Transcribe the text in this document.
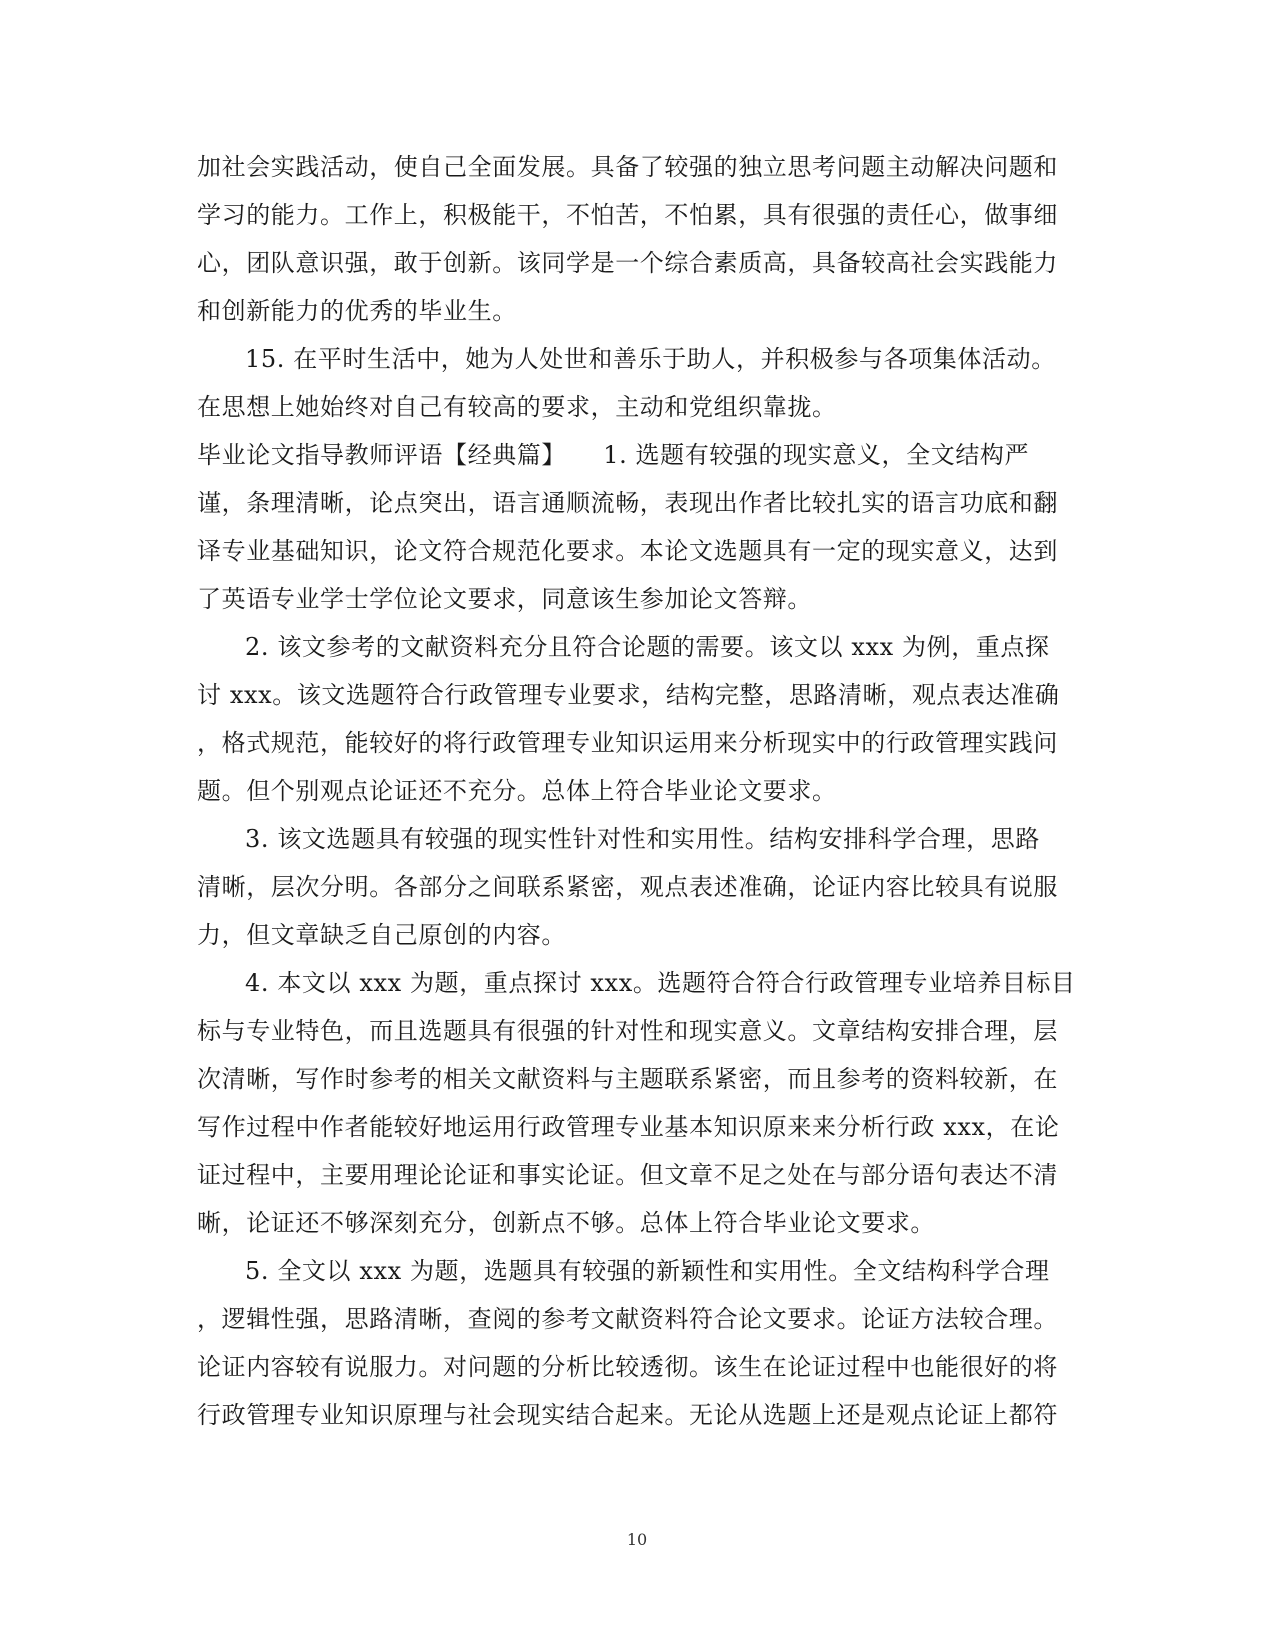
加社会实践活动，使自己全面发展。具备了较强的独立思考问题主动解决问题和
学习的能力。工作上，积极能干，不怕苦，不怕累，具有很强的责任心，做事细
心，团队意识强，敢于创新。该同学是一个综合素质高，具备较高社会实践能力
和创新能力的优秀的毕业生。
15. 在平时生活中，她为人处世和善乐于助人，并积极参与各项集体活动。
在思想上她始终对自己有较高的要求，主动和党组织靠拢。
毕业论文指导教师评语【经典篇】　　1. 选题有较强的现实意义，全文结构严
谨，条理清晰，论点突出，语言通顺流畅，表现出作者比较扎实的语言功底和翻
译专业基础知识，论文符合规范化要求。本论文选题具有一定的现实意义，达到
了英语专业学士学位论文要求，同意该生参加论文答辩。
2. 该文参考的文献资料充分且符合论题的需要。该文以 xxx 为例，重点探
讨 xxx。该文选题符合行政管理专业要求，结构完整，思路清晰，观点表达准确
，格式规范，能较好的将行政管理专业知识运用来分析现实中的行政管理实践问
题。但个别观点论证还不充分。总体上符合毕业论文要求。
3. 该文选题具有较强的现实性针对性和实用性。结构安排科学合理，思路
清晰，层次分明。各部分之间联系紧密，观点表述准确，论证内容比较具有说服
力，但文章缺乏自己原创的内容。
4. 本文以 xxx 为题，重点探讨 xxx。选题符合符合行政管理专业培养目标目
标与专业特色，而且选题具有很强的针对性和现实意义。文章结构安排合理，层
次清晰，写作时参考的相关文献资料与主题联系紧密，而且参考的资料较新，在
写作过程中作者能较好地运用行政管理专业基本知识原来来分析行政 xxx，在论
证过程中，主要用理论论证和事实论证。但文章不足之处在与部分语句表达不清
晰，论证还不够深刻充分，创新点不够。总体上符合毕业论文要求。
5. 全文以 xxx 为题，选题具有较强的新颖性和实用性。全文结构科学合理
，逻辑性强，思路清晰，查阅的参考文献资料符合论文要求。论证方法较合理。
论证内容较有说服力。对问题的分析比较透彻。该生在论证过程中也能很好的将
行政管理专业知识原理与社会现实结合起来。无论从选题上还是观点论证上都符
10
